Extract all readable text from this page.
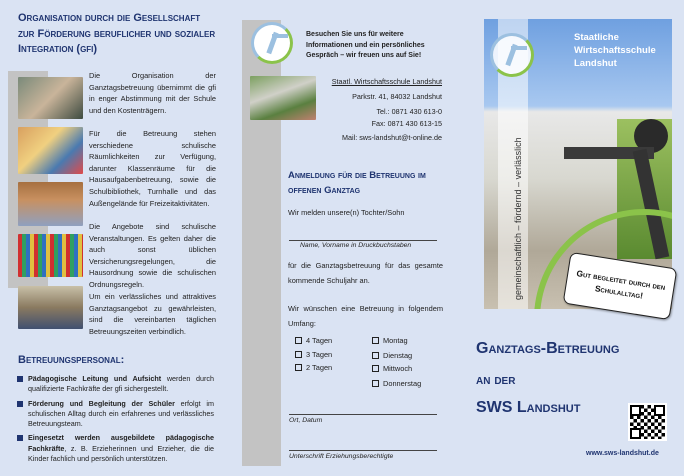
Organisation durch die Gesellschaft zur Förderung beruflicher und sozialer Integration (gfi)
Die Organisation der Ganztagsbetreuung übernimmt die gfi in enger Abstimmung mit der Schule und den Kostenträgern.
Für die Betreuung stehen verschiedene schulische Räumlichkeiten zur Verfügung, darunter Klassenräume für die Hausaufgabenbetreuung, sowie die Schulbibliothek, Turnhalle und das Außengelände für Freizeitaktivitäten.
Die Angebote sind schulische Veranstaltungen. Es gelten daher die auch sonst üblichen Versicherungsregelungen, die Hausordnung sowie die schulischen Ordnungsregeln.
Um ein verlässliches und attraktives Ganztagsangebot zu gewährleisten, sind die vereinbarten täglichen Betreuungszeiten verbindlich.
Betreuungspersonal:
Pädagogische Leitung und Aufsicht werden durch qualifizierte Fachkräfte der gfi sichergestellt.
Förderung und Begleitung der Schüler erfolgt im schulischen Alltag durch ein erfahrenes und verlässliches Betreuungsteam.
Eingesetzt werden ausgebildete pädagogische Fachkräfte, z. B. Erzieherinnen und Erzieher, die die Kinder fachlich und persönlich unterstützen.
Besuchen Sie uns für weitere Informationen und ein persönliches Gespräch – wir freuen uns auf Sie!
Staatl. Wirtschaftsschule Landshut
Parkstr. 41, 84032 Landshut
Tel.: 0871 430 613-0
Fax: 0871 430 613-15
Mail: sws-landshut@t-online.de
Anmeldung für die Betreuung im offenen Ganztag
Wir melden unsere(n) Tochter/Sohn
Name, Vorname in Druckbuchstaben
für die Ganztagsbetreuung für das gesamte kommende Schuljahr an.
Wir wünschen eine Betreuung in folgendem Umfang:
4 Tagen
3 Tagen
2 Tagen
Montag
Dienstag
Mittwoch
Donnerstag
Ort, Datum
Unterschrift Erziehungsberechtigte
Staatliche Wirtschaftsschule Landshut
gemeinschaftlich – fördernd – verlässlich	Gut begleitet durch den Schulalltag!
Ganztags-Betreuung
an der
SWS Landshut
www.sws-landshut.de
